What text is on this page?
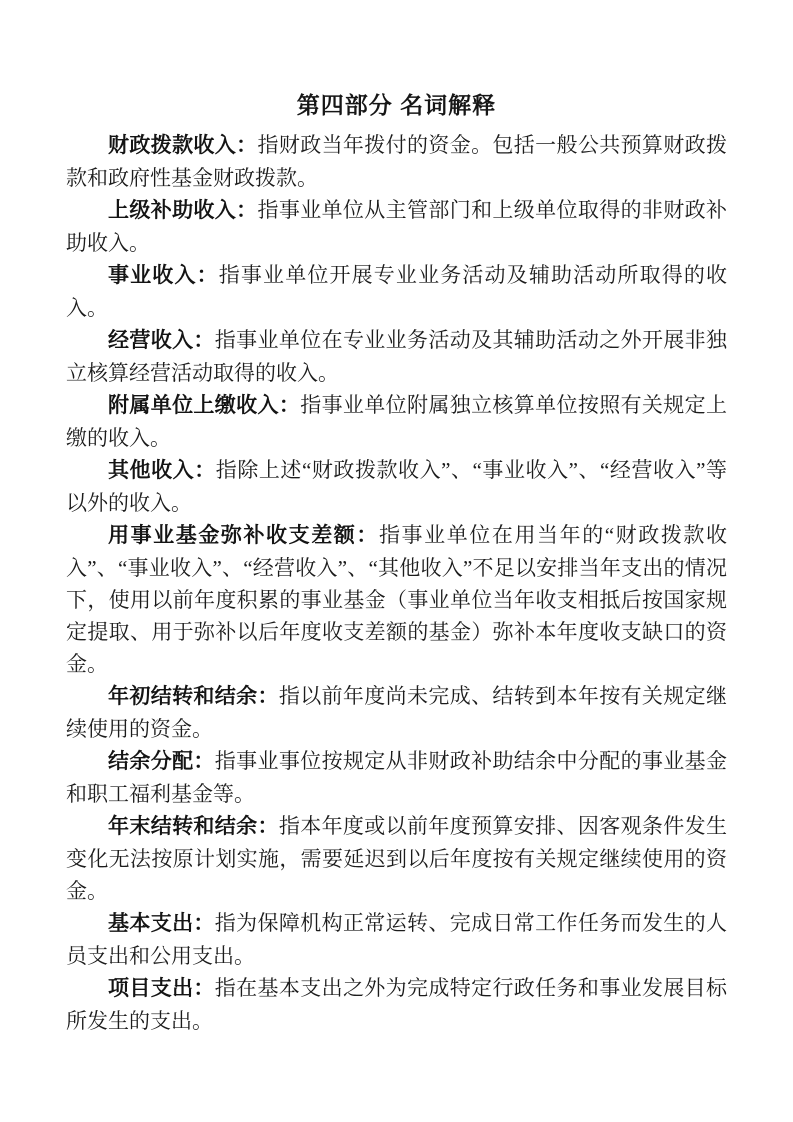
第四部分 名词解释

财政拨款收入：指财政当年拨付的资金。包括一般公共预算财政拨款和政府性基金财政拨款。

上级补助收入：指事业单位从主管部门和上级单位取得的非财政补助收入。

事业收入：指事业单位开展专业业务活动及辅助活动所取得的收入。

经营收入：指事业单位在专业业务活动及其辅助活动之外开展非独立核算经营活动取得的收入。

附属单位上缴收入：指事业单位附属独立核算单位按照有关规定上缴的收入。

其他收入：指除上述“财政拨款收入”、“事业收入”、“经营收入”等以外的收入。

用事业基金弥补收支差额：指事业单位在用当年的“财政拨款收入”、“事业收入”、“经营收入”、“其他收入”不足以安排当年支出的情况下，使用以前年度积累的事业基金（事业单位当年收支相抵后按国家规定提取、用于弥补以后年度收支差额的基金）弥补本年度收支缺口的资金。

年初结转和结余：指以前年度尚未完成、结转到本年按有关规定继续使用的资金。

结余分配：指事业事位按规定从非财政补助结余中分配的事业基金和职工福利基金等。

年末结转和结余：指本年度或以前年度预算安排、因客观条件发生变化无法按原计划实施，需要延迟到以后年度按有关规定继续使用的资金。

基本支出：指为保障机构正常运转、完成日常工作任务而发生的人员支出和公用支出。

项目支出：指在基本支出之外为完成特定行政任务和事业发展目标所发生的支出。
